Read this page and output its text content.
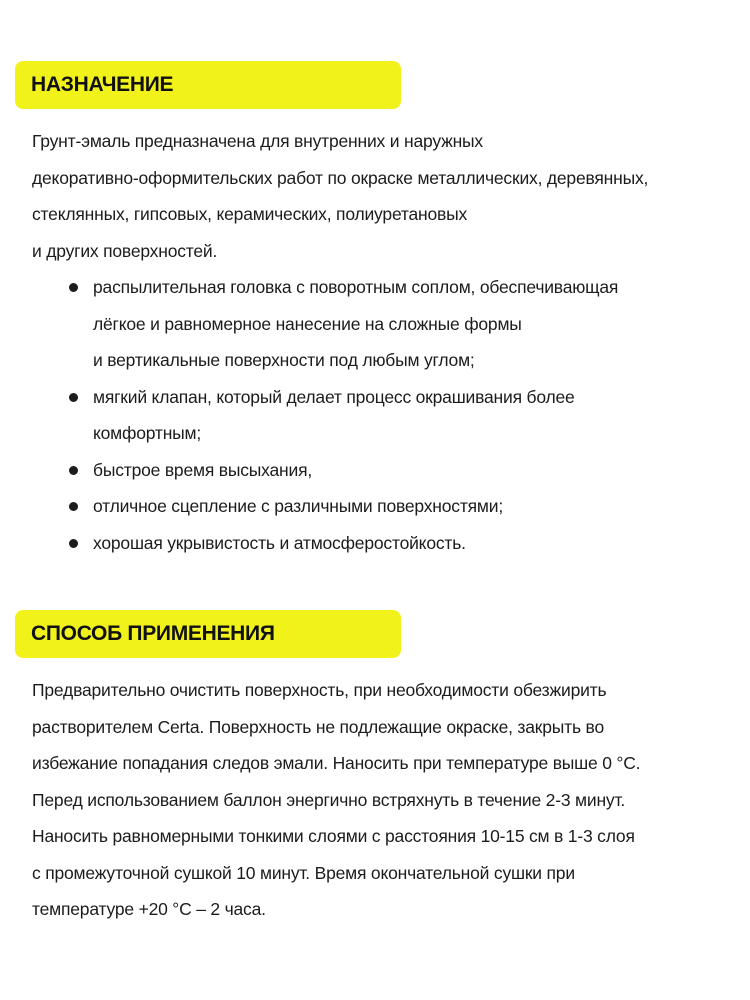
НАЗНАЧЕНИЕ
Грунт-эмаль предназначена для внутренних и наружных
декоративно-оформительских работ по окраске металлических, деревянных,
стеклянных, гипсовых, керамических, полиуретановых
и других поверхностей.
распылительная головка с поворотным соплом, обеспечивающая
лёгкое и равномерное нанесение на сложные формы
и вертикальные поверхности под любым углом;
мягкий клапан, который делает процесс окрашивания более
комфортным;
быстрое время высыхания,
отличное сцепление с различными поверхностями;
хорошая укрывистость и атмосферостойкость.
СПОСОБ ПРИМЕНЕНИЯ
Предварительно очистить поверхность, при необходимости обезжирить
растворителем Certa. Поверхность не подлежащие окраске, закрыть во
избежание попадания следов эмали. Наносить при температуре выше 0 °С.
Перед использованием баллон энергично встряхнуть в течение 2-3 минут.
Наносить равномерными тонкими слоями с расстояния 10-15 см в 1-3 слоя
с промежуточной сушкой 10 минут. Время окончательной сушки при
температуре +20 °С – 2 часа.
